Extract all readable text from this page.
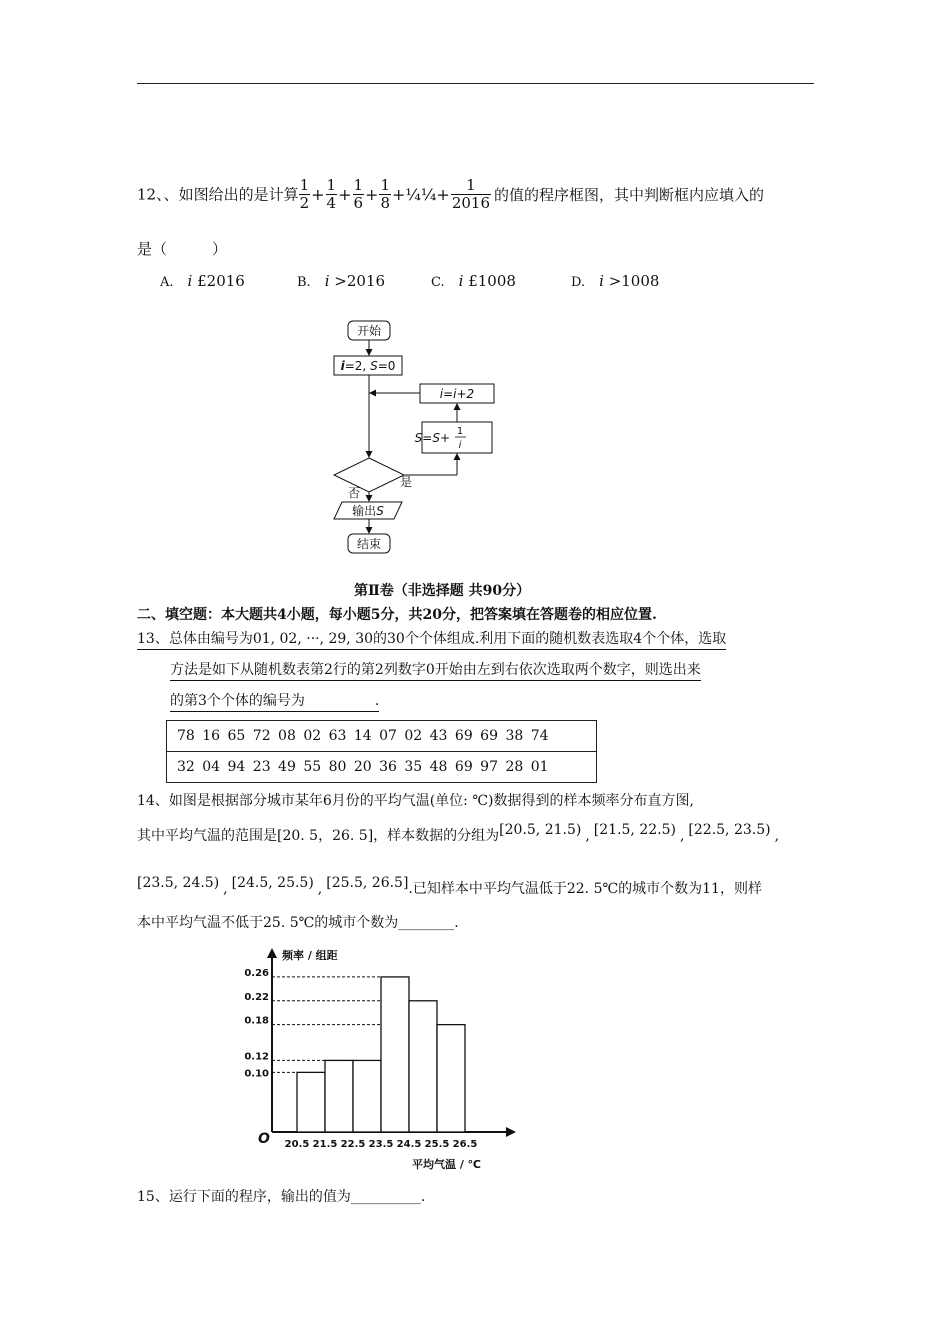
12、、如图给出的是计算 $\frac{1}{2} + \frac{1}{4} + \frac{1}{6} + \frac{1}{8}$ +¼¼+ $\frac{1}{2016}$ 的值的程序框图，其中判断框内应填入的
是（　　　）
A. i £2016	B. i >2016	C. i £1008	D. i >1008
开始
i=2, S=0
i=i+2
S=S+ 1
i
是
否
输出S
结束
第Ⅱ卷（非选择题 共90分）
二、填空题：本大题共4小题，每小题5分，共20分，把答案填在答题卷的相应位置.
13、总体由编号为01, 02, ···, 29, 30的30个个体组成.利用下面的随机数表选取4个个体，选取
方法是如下从随机数表第2行的第2列数字0开始由左到右依次选取两个数字，则选出来
的第3个个体的编号为　　　　　.
78 16 65 72 08 02 63 14 07 02 43 69 69 38 74
32 04 94 23 49 55 80 20 36 35 48 69 97 28 01
14、如图是根据部分城市某年6月份的平均气温(单位: ℃)数据得到的样本频率分布直方图,
其中平均气温的范围是[20. 5，26. 5]，样本数据的分组为[20.5, 21.5) , [21.5, 22.5) , [22.5, 23.5) ,
[23.5, 24.5) , [24.5, 25.5) , [25.5, 26.5].已知样本中平均气温低于22. 5℃的城市个数为11，则样
本中平均气温不低于25. 5℃的城市个数为________.
频率 / 组距
O
平均气温 / ℃
0.26
0.22
0.18
0.12
0.10
20.5 21.5 22.5 23.5 24.5 25.5 26.5
15、运行下面的程序，输出的值为__________.
